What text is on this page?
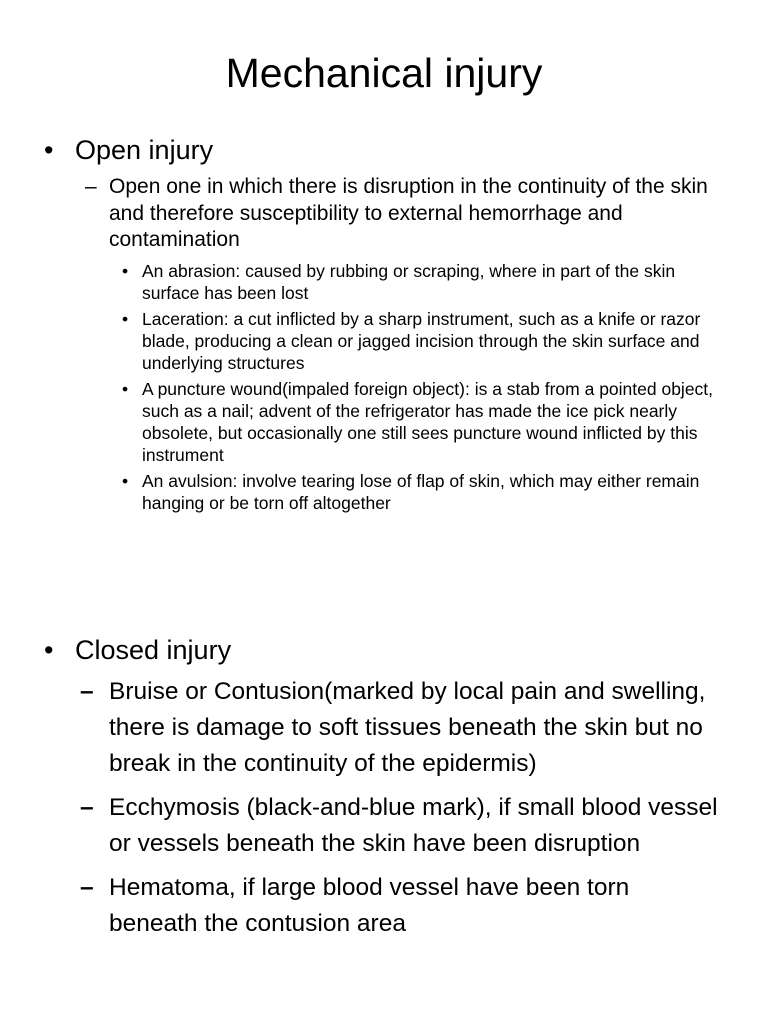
Mechanical injury

• Open injury

– Open one in which there is disruption in the continuity of the skin and therefore susceptibility to external hemorrhage and contamination

• An abrasion: caused by rubbing or scraping, where in part of the skin surface has been lost
• Laceration: a cut inflicted by a sharp instrument, such as a knife or razor blade, producing a clean or jagged incision through the skin surface and underlying structures
• A puncture wound(impaled foreign object): is a stab from a pointed object, such as a nail; advent of the refrigerator has made the ice pick nearly obsolete, but occasionally one still sees puncture wound inflicted by this instrument
• An avulsion: involve tearing lose of flap of skin, which may either remain hanging or be torn off altogether

• Closed injury

– Bruise or Contusion(marked by local pain and swelling, there is damage to soft tissues beneath the skin but no break in the continuity of the epidermis)
– Ecchymosis (black-and-blue mark), if small blood vessel or vessels beneath the skin have been disruption
– Hematoma, if large blood vessel have been torn beneath the contusion area
